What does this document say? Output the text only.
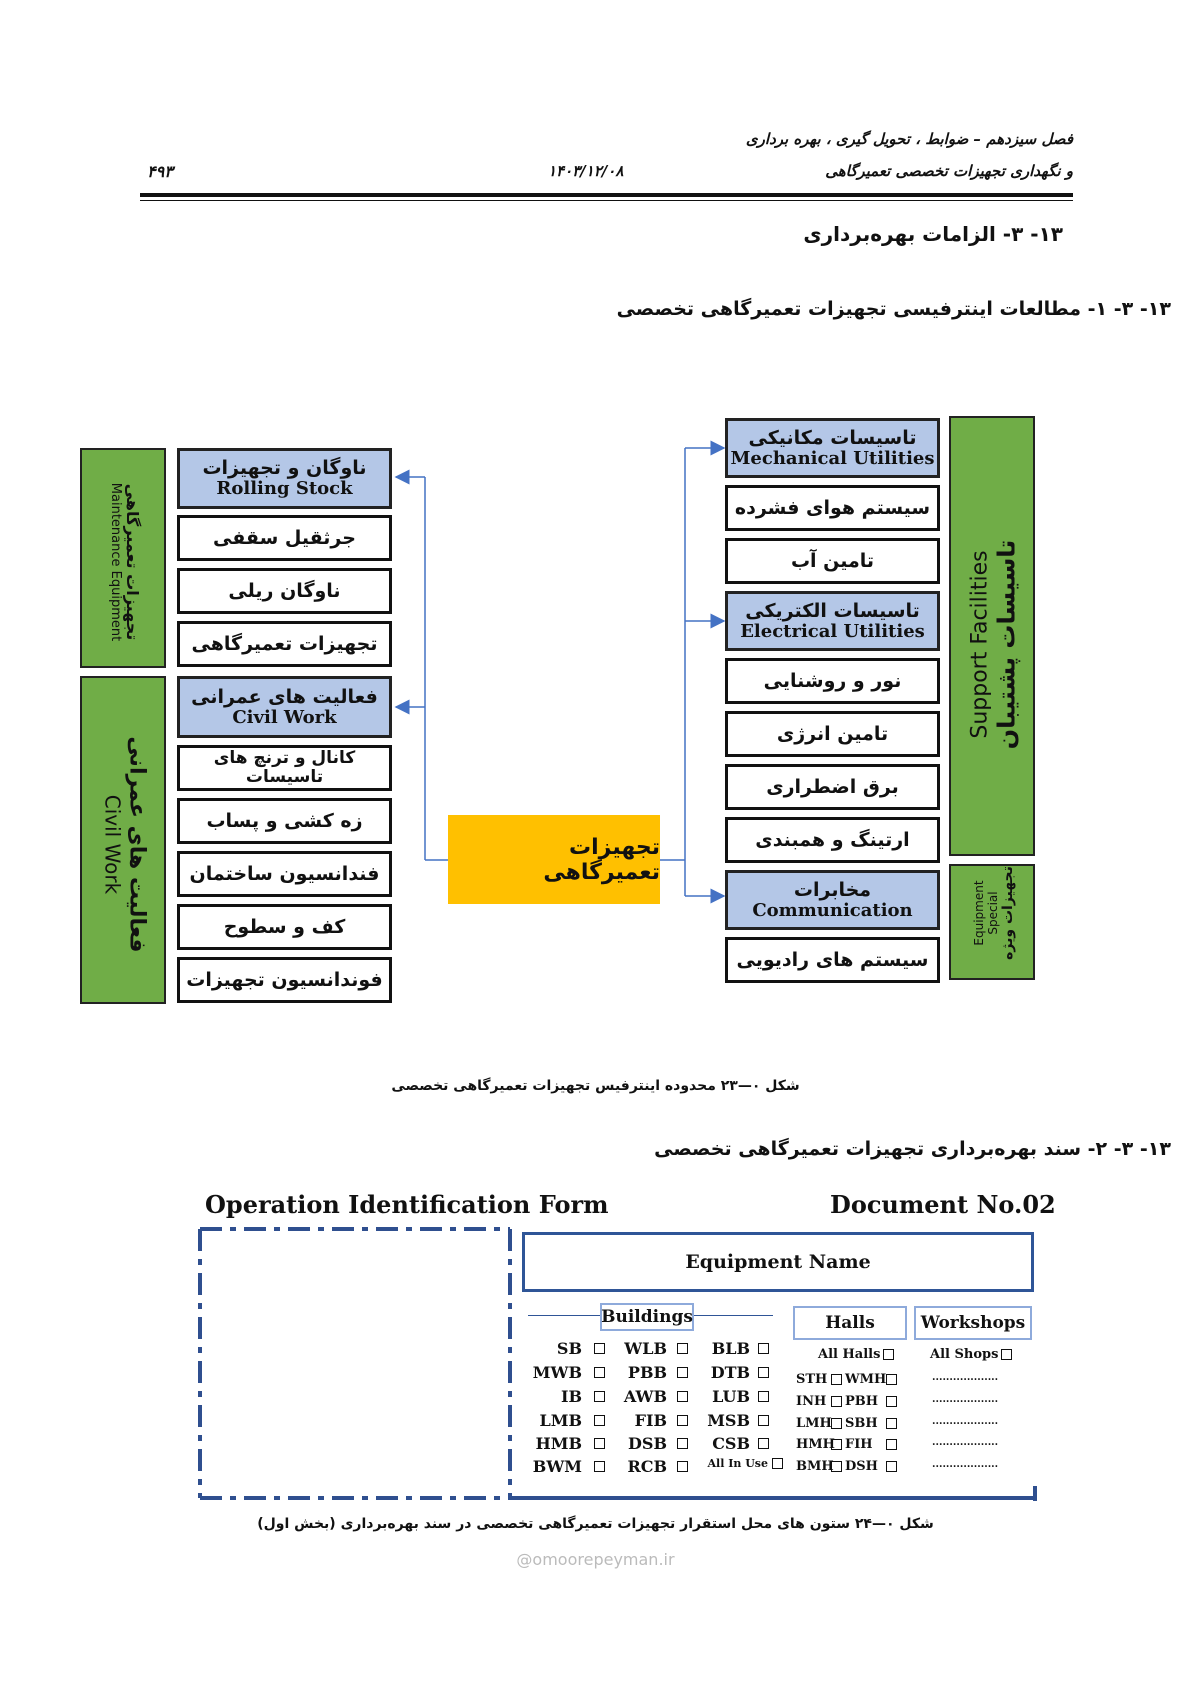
فصل سیزدهم – ضوابط ، تحویل گیری ، بهره برداری
و نگهداری تجهیزات تخصصی تعمیرگاهی
۱۴۰۳/۱۲/۰۸
۴۹۳
۱۳- ۳- الزامات بهره‌برداری
۱۳- ۳- ۱- مطالعات اینترفیسی تجهیزات تعمیرگاهی تخصصی
تجهیزات تعمیرگاهی
Maintenance Equipment
فعالیت های عمرانی
Civil Work
Support Facilities تاسیسات پشتیبان
Equipment Special تجهیزات ویژه
ناوگان و تجهیزات
Rolling Stock
جرثقیل سقفی
ناوگان ریلی
تجهیزات تعمیرگاهی
فعالیت های عمرانی
Civil Work
کانال و ترنچ های تاسیسات
زه کشی و پساب
فندانسیون ساختمان
کف و سطوح
فوندانسیون تجهیزات
تجهیزات تعمیرگاهی
تاسیسات مکانیکی
Mechanical Utilities
سیستم هوای فشرده
تامین آب
تاسیسات الکتریکی
Electrical Utilities
نور و روشنایی
تامین انرژی
برق اضطراری
ارتینگ و همبندی
مخابرات
Communication
سیستم های رادیویی
شکل ۰—۲۳ محدوده اینترفیس تجهیزات تعمیرگاهی تخصصی
۱۳- ۳- ۲- سند بهره‌برداری تجهیزات تعمیرگاهی تخصصی
Operation Identification Form	Document No.02
Equipment Name
Buildings	Halls	Workshops
SB	WLB	BLB
MWB	PBB	DTB
IB	AWB	LUB
LMB	FIB	MSB
HMB	DSB	CSB
BWM	RCB	All In Use
All Halls
STH WMH
INH PBH
LMH SBH
HMH FIH
BMH DSH
All Shops
...................
...................
...................
...................
...................
شکل ۰—۲۴ ستون های محل استقرار تجهیزات تعمیرگاهی تخصصی در سند بهره‌برداری (بخش اول)
@omoorepeyman.ir
